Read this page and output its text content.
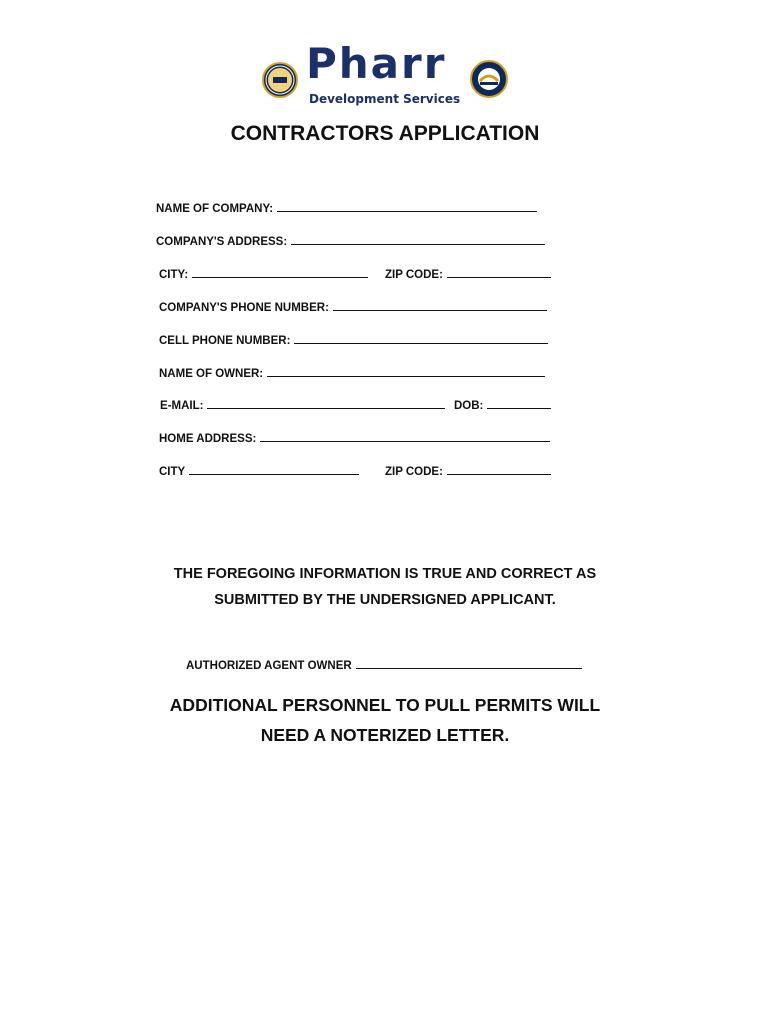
Pharr
Development Services
CONTRACTORS APPLICATION
NAME OF COMPANY:
COMPANY'S ADDRESS:
CITY:	ZIP CODE:
COMPANY'S PHONE NUMBER:
CELL PHONE NUMBER:
NAME OF OWNER:
E-MAIL:	DOB:
HOME ADDRESS:
CITY	ZIP CODE:
THE FOREGOING INFORMATION IS TRUE AND CORRECT AS
SUBMITTED BY THE UNDERSIGNED APPLICANT.
AUTHORIZED AGENT OWNER
ADDITIONAL PERSONNEL TO PULL PERMITS WILL
NEED A NOTERIZED LETTER.
